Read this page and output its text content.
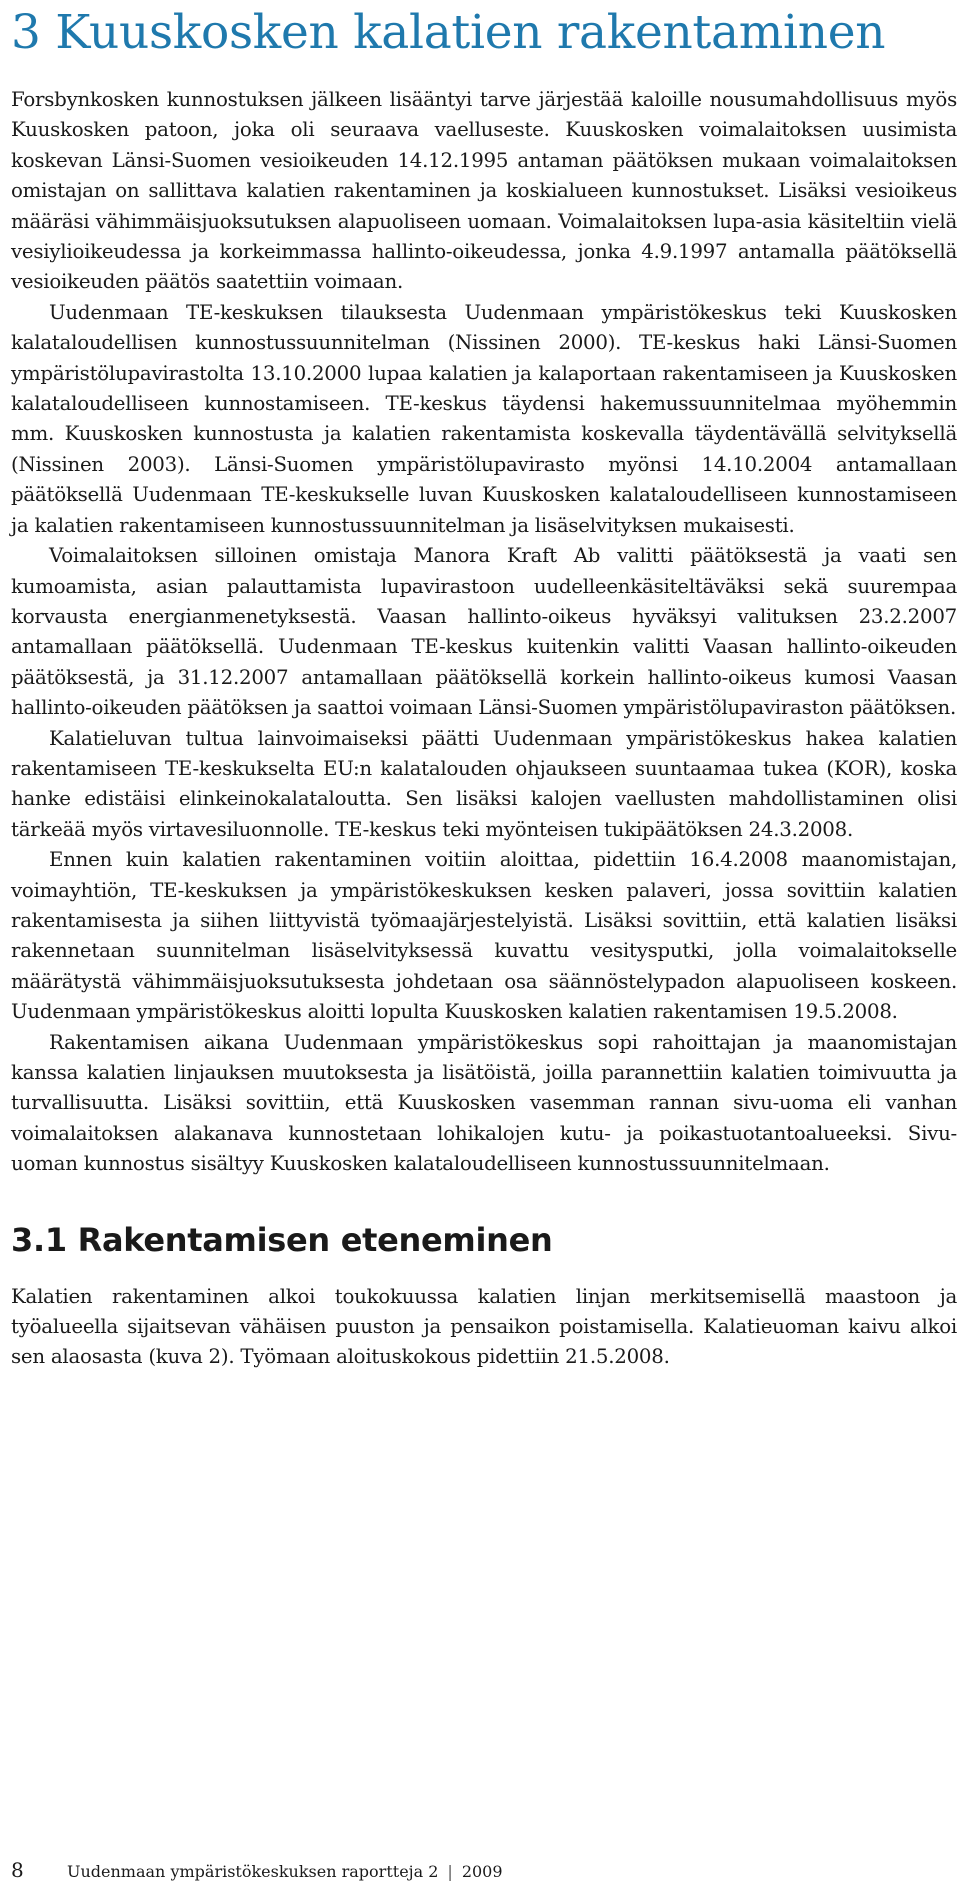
3 Kuuskosken kalatien rakentaminen

Forsbynkosken kunnostuksen jälkeen lisääntyi tarve järjestää kaloille nousumahdollisuus myös Kuuskosken patoon, joka oli seuraava vaelluseste. Kuuskosken voimalaitoksen uusimista koskevan Länsi-Suomen vesioikeuden 14.12.1995 antaman päätöksen mukaan voimalaitoksen omistajan on sallittava kalatien rakentaminen ja koskialueen kunnostukset. Lisäksi vesioikeus määräsi vähimmäisjuoksutuksen alapuoliseen uomaan. Voimalaitoksen lupa-asia käsiteltiin vielä vesiylioikeudessa ja korkeimmassa hallinto-oikeudessa, jonka 4.9.1997 antamalla päätöksellä vesioikeuden päätös saatettiin voimaan.

Uudenmaan TE-keskuksen tilauksesta Uudenmaan ympäristökeskus teki Kuuskosken kalataloudellisen kunnostussuunnitelman (Nissinen 2000). TE-keskus haki Länsi-Suomen ympäristölupavirastolta 13.10.2000 lupaa kalatien ja kalaportaan rakentamiseen ja Kuuskosken kalataloudelliseen kunnostamiseen. TE-keskus täydensi hakemussuunnitelmaa myöhemmin mm. Kuuskosken kunnostusta ja kalatien rakentamista koskevalla täydentävällä selvityksellä (Nissinen 2003). Länsi-Suomen ympäristölupavirasto myönsi 14.10.2004 antamallaan päätöksellä Uudenmaan TE-keskukselle luvan Kuuskosken kalataloudelliseen kunnostamiseen ja kalatien rakentamiseen kunnostussuunnitelman ja lisäselvityksen mukaisesti.

Voimalaitoksen silloinen omistaja Manora Kraft Ab valitti päätöksestä ja vaati sen kumoamista, asian palauttamista lupavirastoon uudelleenkäsiteltäväksi sekä suurempaa korvausta energianmenetyksestä. Vaasan hallinto-oikeus hyväksyi valituksen 23.2.2007 antamallaan päätöksellä. Uudenmaan TE-keskus kuitenkin valitti Vaasan hallinto-oikeuden päätöksestä, ja 31.12.2007 antamallaan päätöksellä korkein hallinto-oikeus kumosi Vaasan hallinto-oikeuden päätöksen ja saattoi voimaan Länsi-Suomen ympäristölupaviraston päätöksen.

Kalatieluvan tultua lainvoimaiseksi päätti Uudenmaan ympäristökeskus hakea kalatien rakentamiseen TE-keskukselta EU:n kalatalouden ohjaukseen suuntaamaa tukea (KOR), koska hanke edistäisi elinkeinokalataloutta. Sen lisäksi kalojen vaellusten mahdollistaminen olisi tärkeää myös virtavesiluonnolle. TE-keskus teki myönteisen tukipäätöksen 24.3.2008.

Ennen kuin kalatien rakentaminen voitiin aloittaa, pidettiin 16.4.2008 maanomistajan, voimayhtiön, TE-keskuksen ja ympäristökeskuksen kesken palaveri, jossa sovittiin kalatien rakentamisesta ja siihen liittyvistä työmaajärjestelyistä. Lisäksi sovittiin, että kalatien lisäksi rakennetaan suunnitelman lisäselvityksessä kuvattu vesitysputki, jolla voimalaitokselle määrätystä vähimmäisjuoksutuksesta johdetaan osa säännöstelypadon alapuoliseen koskeen. Uudenmaan ympäristökeskus aloitti lopulta Kuuskosken kalatien rakentamisen 19.5.2008.

Rakentamisen aikana Uudenmaan ympäristökeskus sopi rahoittajan ja maanomistajan kanssa kalatien linjauksen muutoksesta ja lisätöistä, joilla parannettiin kalatien toimivuutta ja turvallisuutta. Lisäksi sovittiin, että Kuuskosken vasemman rannan sivu-uoma eli vanhan voimalaitoksen alakanava kunnostetaan lohikalojen kutu- ja poikastuotantoalueeksi. Sivu-uoman kunnostus sisältyy Kuuskosken kalataloudelliseen kunnostussuunnitelmaan.

3.1 Rakentamisen eteneminen

Kalatien rakentaminen alkoi toukokuussa kalatien linjan merkitsemisellä maastoon ja työalueella sijaitsevan vähäisen puuston ja pensaikon poistamisella. Kalatieuoman kaivu alkoi sen alaosasta (kuva 2). Työmaan aloituskokous pidettiin 21.5.2008.

8	Uudenmaan ympäristökeskuksen raportteja 2 | 2009
